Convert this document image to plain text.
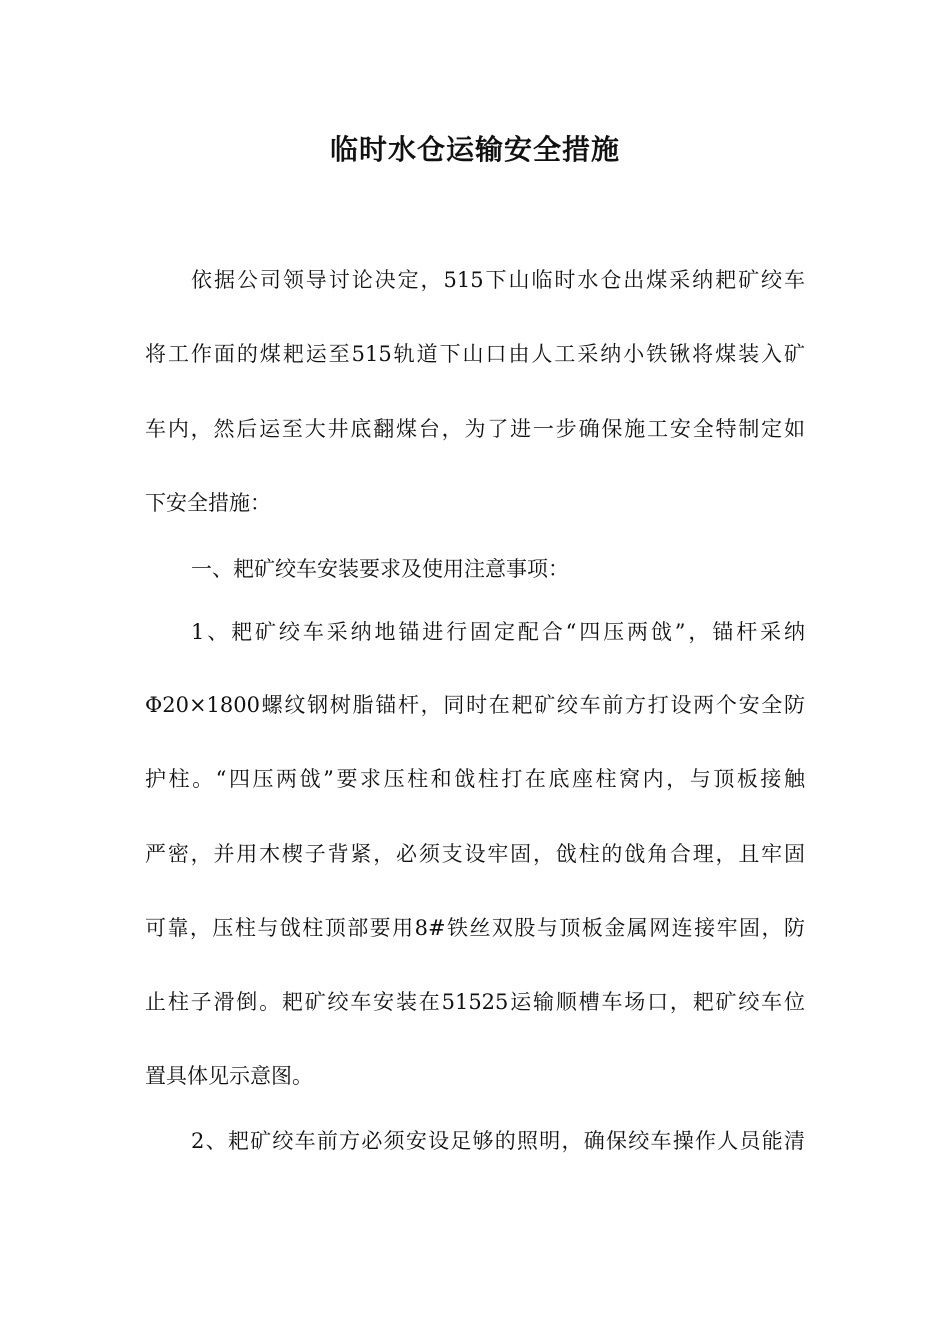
临时水仓运输安全措施

依据公司领导讨论决定，515下山临时水仓出煤采纳耙矿绞车

将工作面的煤耙运至515轨道下山口由人工采纳小铁锹将煤装入矿

车内，然后运至大井底翻煤台，为了进一步确保施工安全特制定如

下安全措施：

一、耙矿绞车安装要求及使用注意事项：

1、耙矿绞车采纳地锚进行固定配合“四压两戗”，锚杆采纳

Φ20×1800螺纹钢树脂锚杆，同时在耙矿绞车前方打设两个安全防

护柱。“四压两戗”要求压柱和戗柱打在底座柱窝内，与顶板接触

严密，并用木楔子背紧，必须支设牢固，戗柱的戗角合理，且牢固

可靠，压柱与戗柱顶部要用8#铁丝双股与顶板金属网连接牢固，防

止柱子滑倒。耙矿绞车安装在51525运输顺槽车场口，耙矿绞车位

置具体见示意图。

2、耙矿绞车前方必须安设足够的照明，确保绞车操作人员能清
